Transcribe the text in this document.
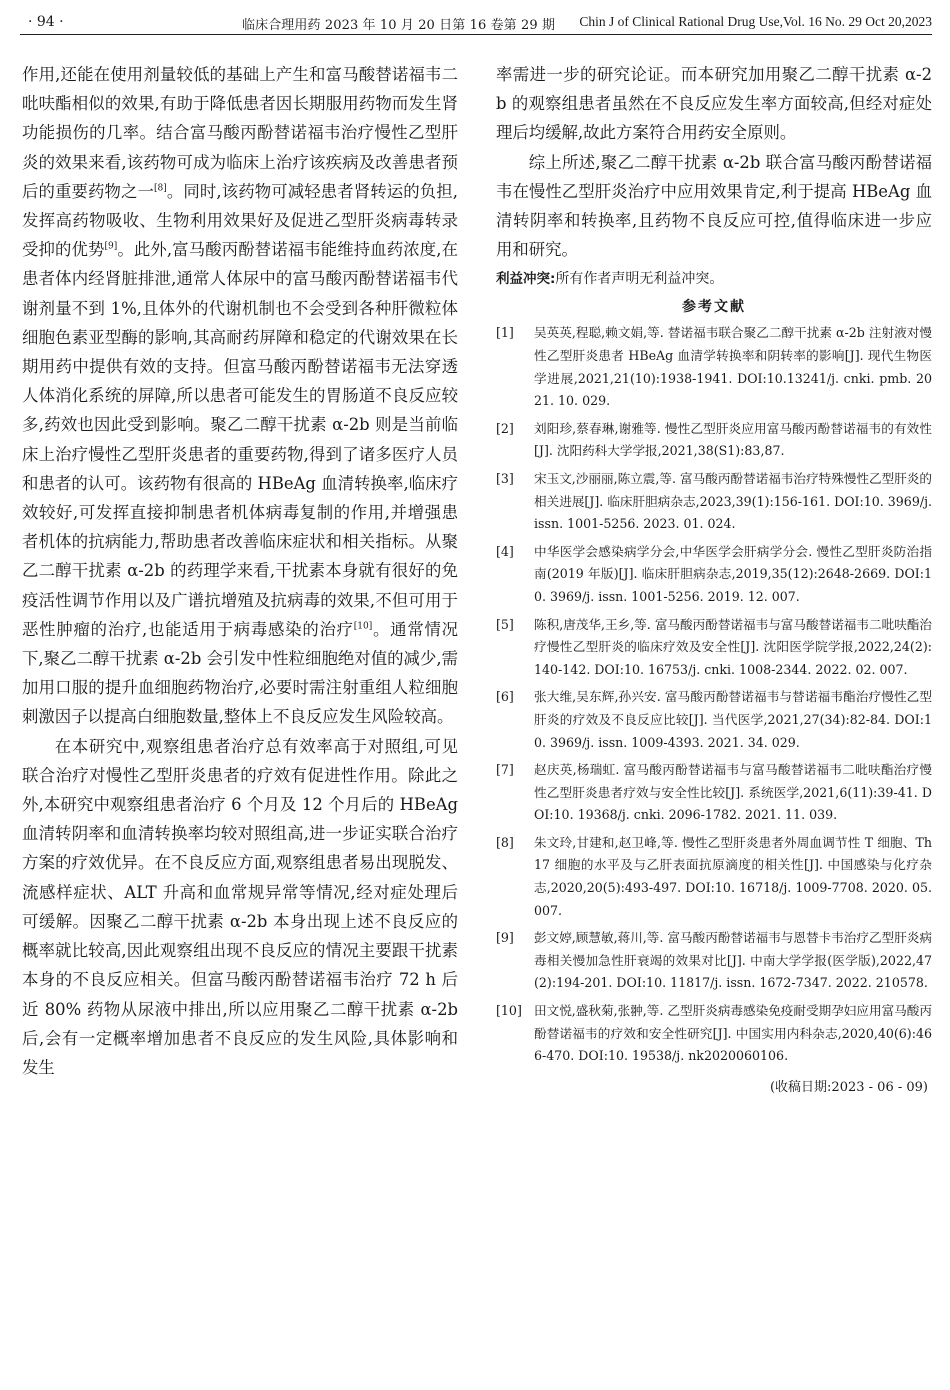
· 94 ·	临床合理用药 2023 年 10 月 20 日第 16 卷第 29 期 Chin J of Clinical Rational Drug Use,Vol. 16 No. 29 Oct 20,2023

作用,还能在使用剂量较低的基础上产生和富马酸替诺福韦二吡呋酯相似的效果,有助于降低患者因长期服用药物而发生肾功能损伤的几率。结合富马酸丙酚替诺福韦治疗慢性乙型肝炎的效果来看,该药物可成为临床上治疗该疾病及改善患者预后的重要药物之一[8]。同时,该药物可减轻患者肾转运的负担,发挥高药物吸收、生物利用效果好及促进乙型肝炎病毒转录受抑的优势[9]。此外,富马酸丙酚替诺福韦能维持血药浓度,在患者体内经肾脏排泄,通常人体尿中的富马酸丙酚替诺福韦代谢剂量不到 1%,且体外的代谢机制也不会受到各种肝微粒体细胞色素亚型酶的影响,其高耐药屏障和稳定的代谢效果在长期用药中提供有效的支持。但富马酸丙酚替诺福韦无法穿透人体消化系统的屏障,所以患者可能发生的胃肠道不良反应较多,药效也因此受到影响。聚乙二醇干扰素 α-2b 则是当前临床上治疗慢性乙型肝炎患者的重要药物,得到了诸多医疗人员和患者的认可。该药物有很高的 HBeAg 血清转换率,临床疗效较好,可发挥直接抑制患者机体病毒复制的作用,并增强患者机体的抗病能力,帮助患者改善临床症状和相关指标。从聚乙二醇干扰素 α-2b 的药理学来看,干扰素本身就有很好的免疫活性调节作用以及广谱抗增殖及抗病毒的效果,不但可用于恶性肿瘤的治疗,也能适用于病毒感染的治疗[10]。通常情况下,聚乙二醇干扰素 α-2b 会引发中性粒细胞绝对值的减少,需加用口服的提升血细胞药物治疗,必要时需注射重组人粒细胞刺激因子以提高白细胞数量,整体上不良反应发生风险较高。

在本研究中,观察组患者治疗总有效率高于对照组,可见联合治疗对慢性乙型肝炎患者的疗效有促进性作用。除此之外,本研究中观察组患者治疗 6 个月及 12 个月后的 HBeAg 血清转阴率和血清转换率均较对照组高,进一步证实联合治疗方案的疗效优异。在不良反应方面,观察组患者易出现脱发、流感样症状、ALT 升高和血常规异常等情况,经对症处理后可缓解。因聚乙二醇干扰素 α-2b 本身出现上述不良反应的概率就比较高,因此观察组出现不良反应的情况主要跟干扰素本身的不良反应相关。但富马酸丙酚替诺福韦治疗 72 h 后近 80% 药物从尿液中排出,所以应用聚乙二醇干扰素 α-2b 后,会有一定概率增加患者不良反应的发生风险,具体影响和发生

率需进一步的研究论证。而本研究加用聚乙二醇干扰素 α-2b 的观察组患者虽然在不良反应发生率方面较高,但经对症处理后均缓解,故此方案符合用药安全原则。

综上所述,聚乙二醇干扰素 α-2b 联合富马酸丙酚替诺福韦在慢性乙型肝炎治疗中应用效果肯定,利于提高 HBeAg 血清转阴率和转换率,且药物不良反应可控,值得临床进一步应用和研究。

利益冲突:所有作者声明无利益冲突。
参考文献
[1]	吴英英,程聪,赖文娟,等. 替诺福韦联合聚乙二醇干扰素 α-2b 注射液对慢性乙型肝炎患者 HBeAg 血清学转换率和阴转率的影响[J]. 现代生物医学进展,2021,21(10):1938-1941. DOI:10.13241/j. cnki. pmb. 2021. 10. 029.
[2]	刘阳珍,蔡春琳,谢雅等. 慢性乙型肝炎应用富马酸丙酚替诺福韦的有效性[J]. 沈阳药科大学学报,2021,38(S1):83,87.
[3]	宋玉文,沙丽丽,陈立震,等. 富马酸丙酚替诺福韦治疗特殊慢性乙型肝炎的相关进展[J]. 临床肝胆病杂志,2023,39(1):156-161. DOI:10. 3969/j. issn. 1001-5256. 2023. 01. 024.
[4]	中华医学会感染病学分会,中华医学会肝病学分会. 慢性乙型肝炎防治指南(2019 年版)[J]. 临床肝胆病杂志,2019,35(12):2648-2669. DOI:10. 3969/j. issn. 1001-5256. 2019. 12. 007.
[5]	陈积,唐茂华,王乡,等. 富马酸丙酚替诺福韦与富马酸替诺福韦二吡呋酯治疗慢性乙型肝炎的临床疗效及安全性[J]. 沈阳医学院学报,2022,24(2):140-142. DOI:10. 16753/j. cnki. 1008-2344. 2022. 02. 007.
[6]	张大维,吴东辉,孙兴安. 富马酸丙酚替诺福韦与替诺福韦酯治疗慢性乙型肝炎的疗效及不良反应比较[J]. 当代医学,2021,27(34):82-84. DOI:10. 3969/j. issn. 1009-4393. 2021. 34. 029.
[7]	赵庆英,杨瑞虹. 富马酸丙酚替诺福韦与富马酸替诺福韦二吡呋酯治疗慢性乙型肝炎患者疗效与安全性比较[J]. 系统医学,2021,6(11):39-41. DOI:10. 19368/j. cnki. 2096-1782. 2021. 11. 039.
[8]	朱文玲,甘建和,赵卫峰,等. 慢性乙型肝炎患者外周血调节性 T 细胞、Th17 细胞的水平及与乙肝表面抗原滴度的相关性[J]. 中国感染与化疗杂志,2020,20(5):493-497. DOI:10. 16718/j. 1009-7708. 2020. 05. 007.
[9]	彭文婷,顾慧敏,蒋川,等. 富马酸丙酚替诺福韦与恩替卡韦治疗乙型肝炎病毒相关慢加急性肝衰竭的效果对比[J]. 中南大学学报(医学版),2022,47(2):194-201. DOI:10. 11817/j. issn. 1672-7347. 2022. 210578.
[10] 田文悦,盛秋菊,张翀,等. 乙型肝炎病毒感染免疫耐受期孕妇应用富马酸丙酚替诺福韦的疗效和安全性研究[J]. 中国实用内科杂志,2020,40(6):466-470. DOI:10. 19538/j. nk2020060106.
(收稿日期:2023 - 06 - 09)
